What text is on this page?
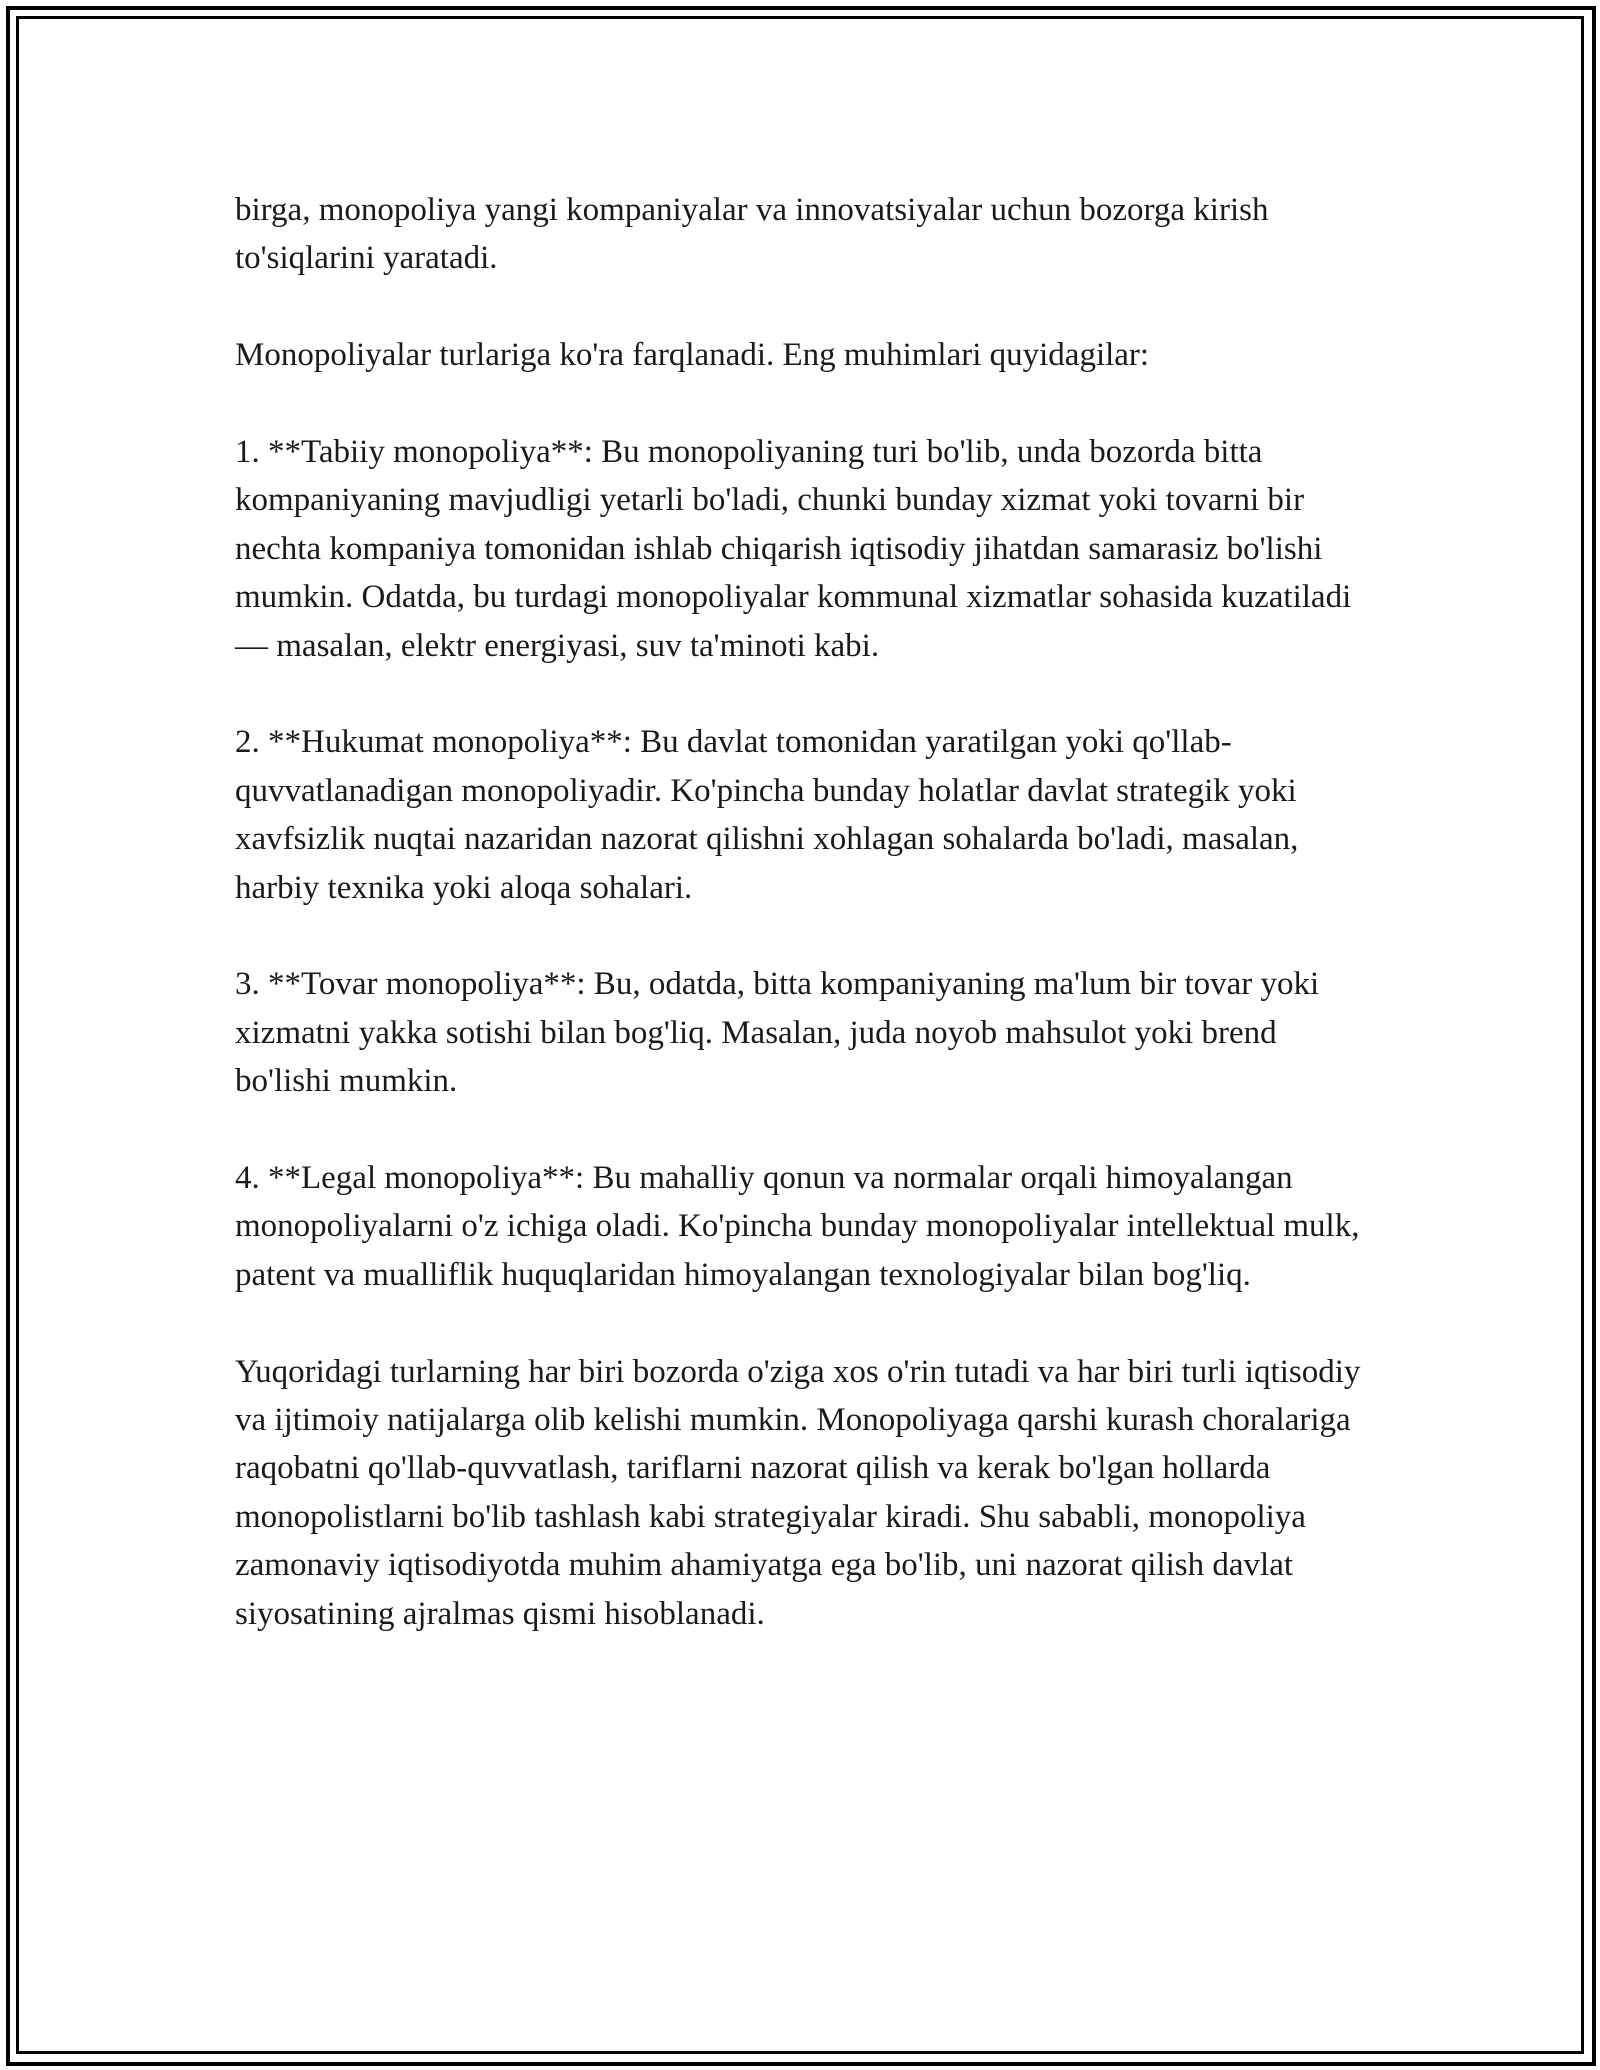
birga, monopoliya yangi kompaniyalar va innovatsiyalar uchun bozorga kirish to'siqlarini yaratadi.

Monopoliyalar turlariga ko'ra farqlanadi. Eng muhimlari quyidagilar:

1. **Tabiiy monopoliya**: Bu monopoliyaning turi bo'lib, unda bozorda bitta kompaniyaning mavjudligi yetarli bo'ladi, chunki bunday xizmat yoki tovarni bir nechta kompaniya tomonidan ishlab chiqarish iqtisodiy jihatdan samarasiz bo'lishi mumkin. Odatda, bu turdagi monopoliyalar kommunal xizmatlar sohasida kuzatiladi — masalan, elektr energiyasi, suv ta'minoti kabi.

2. **Hukumat monopoliya**: Bu davlat tomonidan yaratilgan yoki qo'llab-quvvatlanadigan monopoliyadir. Ko'pincha bunday holatlar davlat strategik yoki xavfsizlik nuqtai nazaridan nazorat qilishni xohlagan sohalarda bo'ladi, masalan, harbiy texnika yoki aloqa sohalari.

3. **Tovar monopoliya**: Bu, odatda, bitta kompaniyaning ma'lum bir tovar yoki xizmatni yakka sotishi bilan bog'liq. Masalan, juda noyob mahsulot yoki brend bo'lishi mumkin.

4. **Legal monopoliya**: Bu mahalliy qonun va normalar orqali himoyalangan monopoliyalarni o'z ichiga oladi. Ko'pincha bunday monopoliyalar intellektual mulk, patent va mualliflik huquqlaridan himoyalangan texnologiyalar bilan bog'liq.

Yuqoridagi turlarning har biri bozorda o'ziga xos o'rin tutadi va har biri turli iqtisodiy va ijtimoiy natijalarga olib kelishi mumkin. Monopoliyaga qarshi kurash choralariga raqobatni qo'llab-quvvatlash, tariflarni nazorat qilish va kerak bo'lgan hollarda monopolistlarni bo'lib tashlash kabi strategiyalar kiradi. Shu sababli, monopoliya zamonaviy iqtisodiyotda muhim ahamiyatga ega bo'lib, uni nazorat qilish davlat siyosatining ajralmas qismi hisoblanadi.
